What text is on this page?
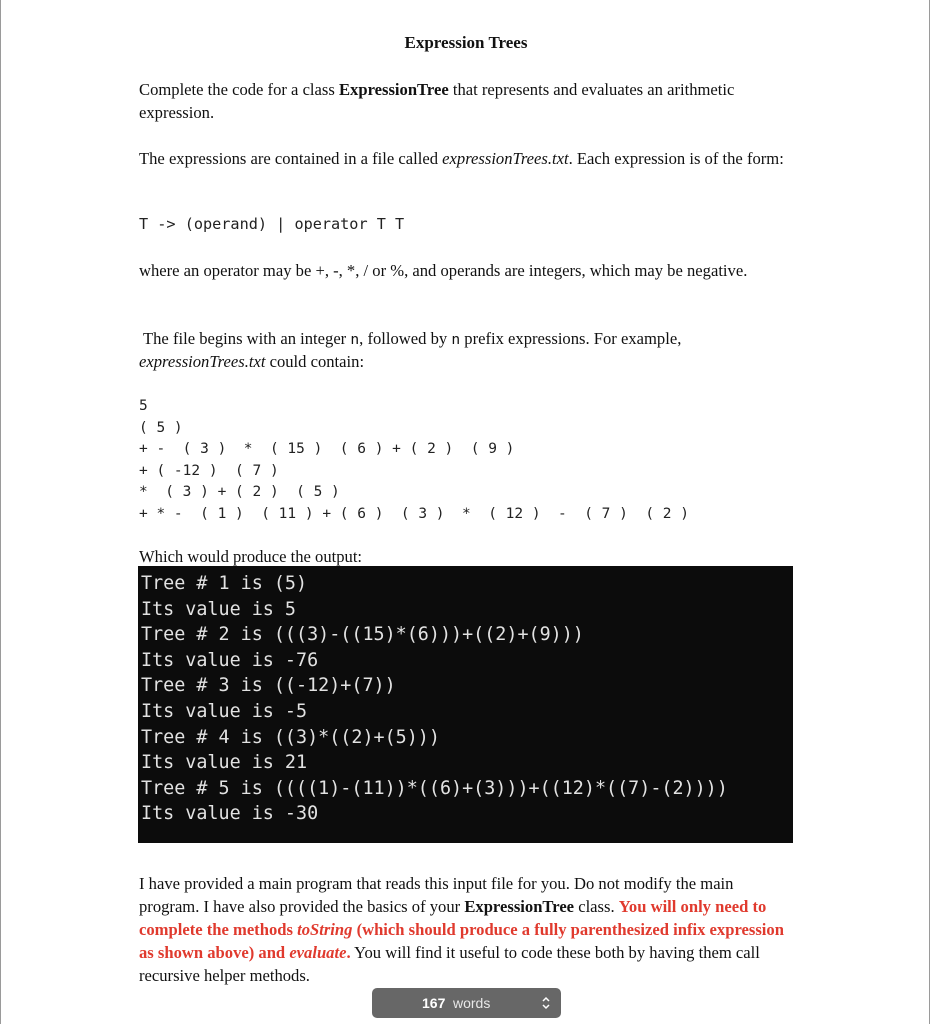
Expression Trees
Complete the code for a class ExpressionTree that represents and evaluates an arithmetic expression.
The expressions are contained in a file called expressionTrees.txt. Each expression is of the form:
T -> (operand) | operator T T
where an operator may be +, -, *, / or %, and operands are integers, which may be negative.
The file begins with an integer n, followed by n prefix expressions. For example,
expressionTrees.txt could contain:
5
( 5 )
+ -  ( 3 )  *  ( 15 )  ( 6 ) + ( 2 )  ( 9 )
+ ( -12 )  ( 7 )
*  ( 3 ) + ( 2 )  ( 5 )
+ * -  ( 1 )  ( 11 ) + ( 6 )  ( 3 )  *  ( 12 )  -  ( 7 )  ( 2 )
Which would produce the output:
Tree # 1 is (5)
Its value is 5
Tree # 2 is (((3)-((15)*(6)))+((2)+(9)))
Its value is -76
Tree # 3 is ((-12)+(7))
Its value is -5
Tree # 4 is ((3)*((2)+(5)))
Its value is 21
Tree # 5 is ((((1)-(11))*((6)+(3)))+((12)*((7)-(2))))
Its value is -30
I have provided a main program that reads this input file for you. Do not modify the main program. I have also provided the basics of your ExpressionTree class. You will only need to complete the methods toString (which should produce a fully parenthesized infix expression as shown above) and evaluate. You will find it useful to code these both by having them call recursive helper methods.
167 words
